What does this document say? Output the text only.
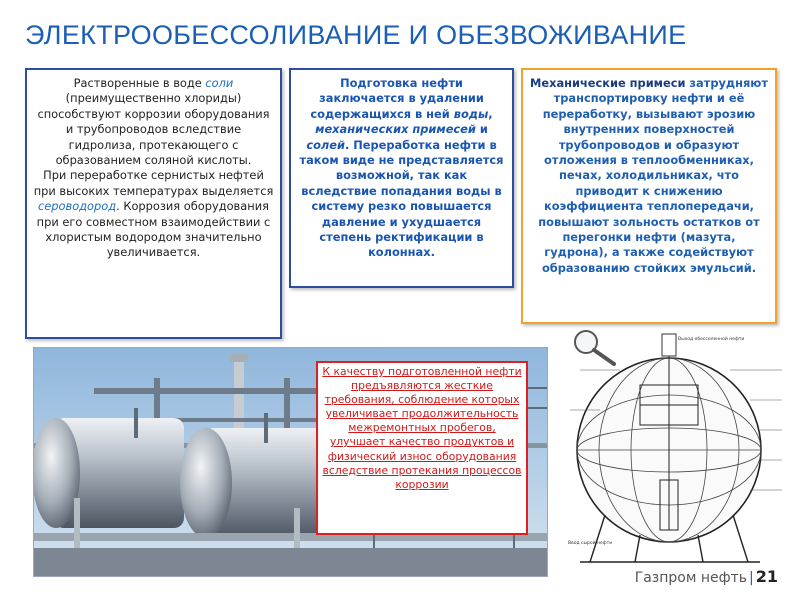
ЭЛЕКТРООБЕССОЛИВАНИЕ И ОБЕЗВОЖИВАНИЕ

Растворенные в воде соли (преимущественно хлориды) способствуют коррозии оборудования и трубопроводов вследствие гидролиза, протекающего с образованием соляной кислоты.

При переработке сернистых нефтей при высоких температурах выделяется сероводород. Коррозия оборудования при его совместном взаимодействии с хлористым водородом значительно увеличивается.

Подготовка нефти заключается в удалении содержащихся в ней воды, механических примесей и солей. Переработка нефти в таком виде не представляется возможной, так как вследствие попадания воды в систему резко повышается давление и ухудшается степень ректификации в колоннах.

Механические примеси затрудняют транспортировку нефти и её переработку, вызывают эрозию внутренних поверхностей трубопроводов и образуют отложения в теплообменниках, печах, холодильниках, что приводит к снижению коэффициента теплопередачи, повышают зольность остатков от перегонки нефти (мазута, гудрона), а также содействуют образованию стойких эмульсий.

К качеству подготовленной нефти предъявляются жесткие требования, соблюдение которых увеличивает продолжительность межремонтных пробегов, улучшает качество продуктов и физический износ оборудования вследствие протекания процессов коррозии
Выход обессоленной нефти
Ввод сырой нефти
Газпром нефть | 21
